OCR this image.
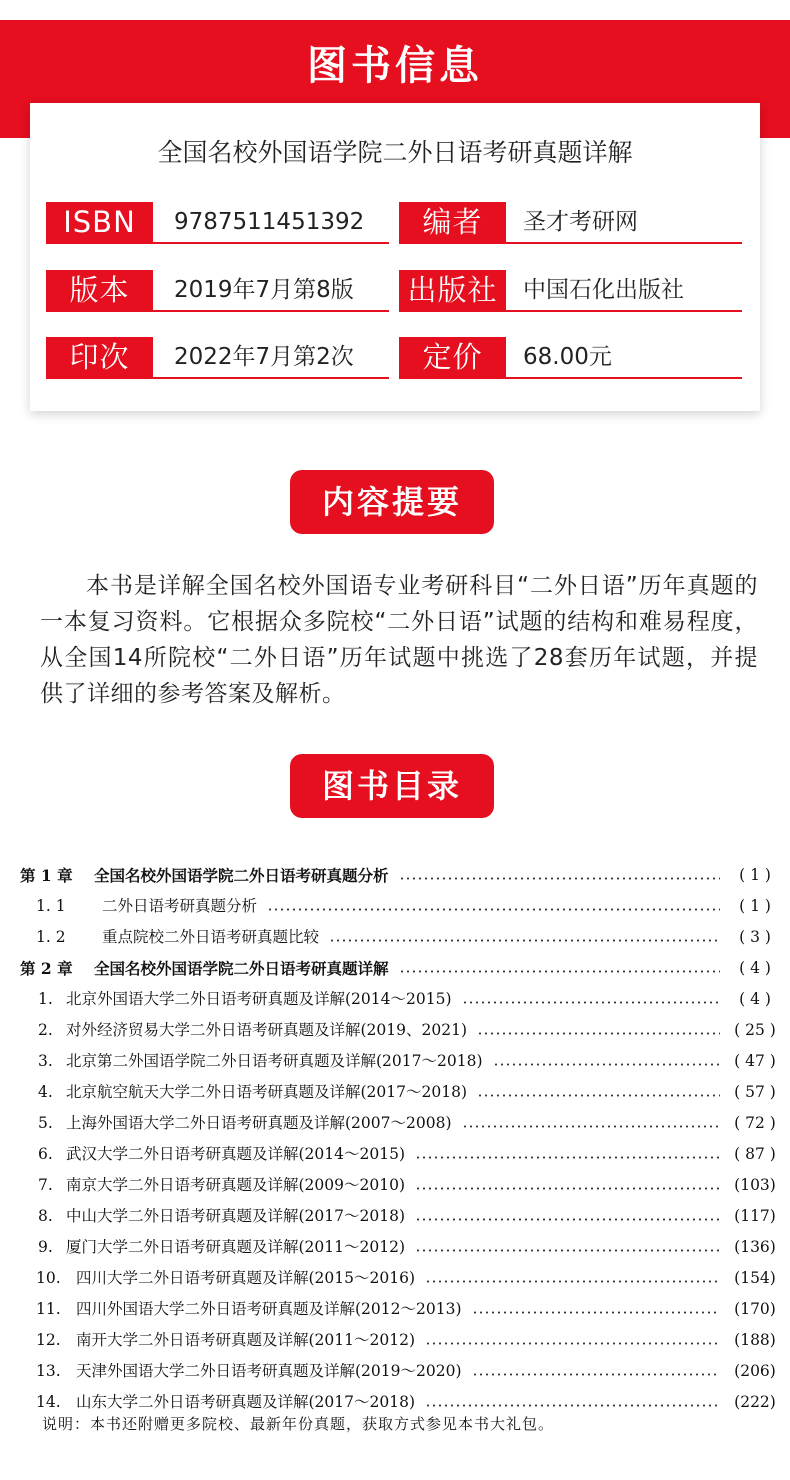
图书信息
全国名校外国语学院二外日语考研真题详解
ISBN	9787511451392	编者	圣才考研网
版本	2019年7月第8版 出版社	中国石化出版社
印次	2022年7月第2次	定价	68.00元
内容提要
本书是详解全国名校外国语专业考研科目“二外日语”历年真题的一本复习资料。它根据众多院校“二外日语”试题的结构和难易程度，从全国14所院校“二外日语”历年试题中挑选了28套历年试题，并提供了详细的参考答案及解析。
图书目录
第 1 章	全国名校外国语学院二外日语考研真题分析	( 1 )
1. 1	二外日语考研真题分析	( 1 )
1. 2	重点院校二外日语考研真题比较	( 3 )
第 2 章	全国名校外国语学院二外日语考研真题详解	( 4 )
1. 北京外国语大学二外日语考研真题及详解(2014～2015)	( 4 )
2. 对外经济贸易大学二外日语考研真题及详解(2019、2021)	( 25 )
3. 北京第二外国语学院二外日语考研真题及详解(2017～2018)	( 47 )
4. 北京航空航天大学二外日语考研真题及详解(2017～2018)	( 57 )
5. 上海外国语大学二外日语考研真题及详解(2007～2008)	( 72 )
6. 武汉大学二外日语考研真题及详解(2014～2015)	( 87 )
7. 南京大学二外日语考研真题及详解(2009～2010)	(103)
8. 中山大学二外日语考研真题及详解(2017～2018)	(117)
9. 厦门大学二外日语考研真题及详解(2011～2012)	(136)
10. 四川大学二外日语考研真题及详解(2015～2016)	(154)
11. 四川外国语大学二外日语考研真题及详解(2012～2013)	(170)
12. 南开大学二外日语考研真题及详解(2011～2012)	(188)
13. 天津外国语大学二外日语考研真题及详解(2019～2020)	(206)
14. 山东大学二外日语考研真题及详解(2017～2018)	(222)
说明：本书还附赠更多院校、最新年份真题，获取方式参见本书大礼包。
